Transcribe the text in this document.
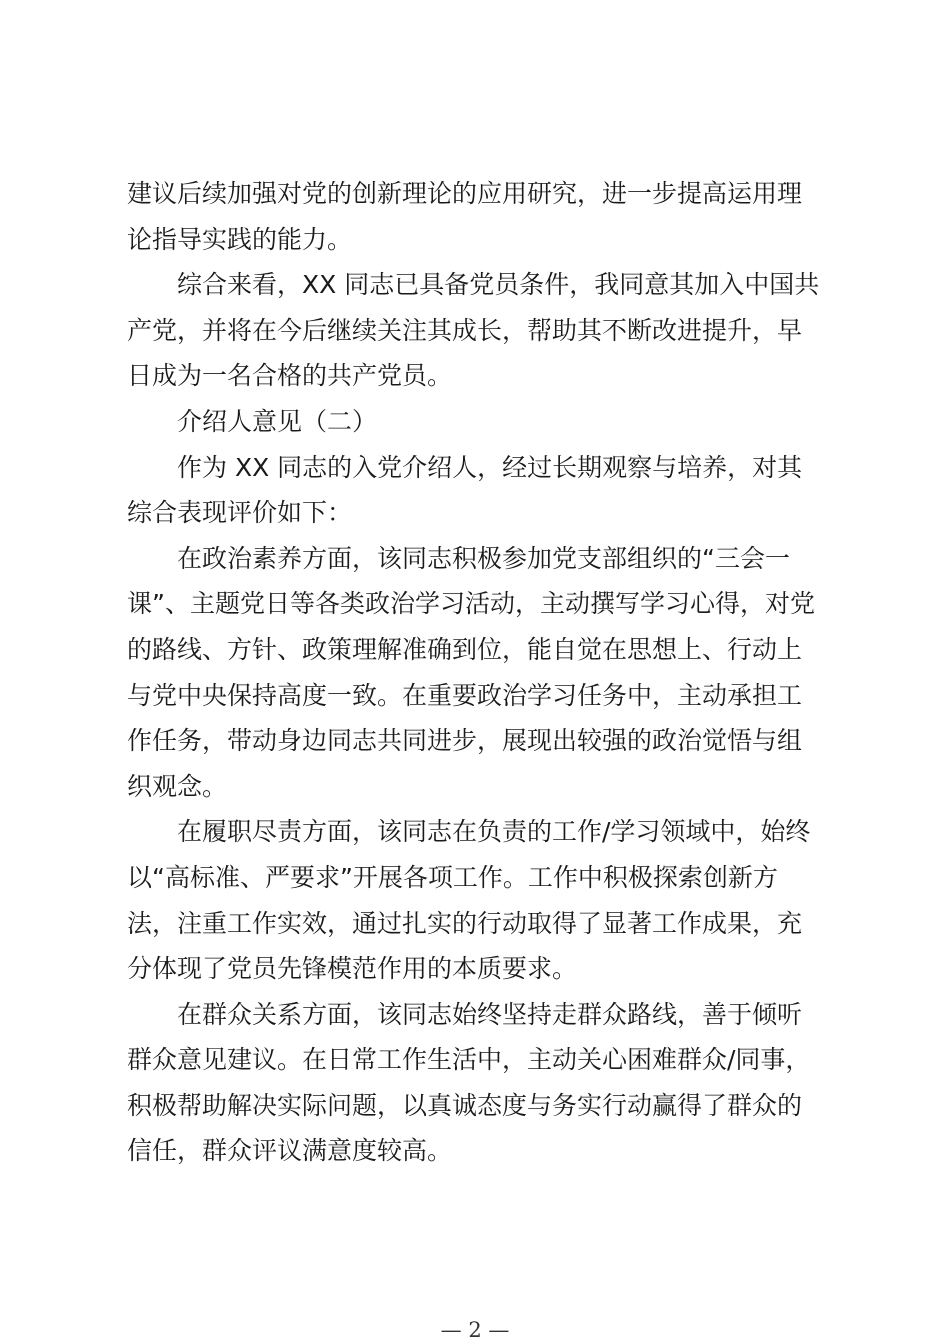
建议后续加强对党的创新理论的应用研究，进一步提高运用理
论指导实践的能力。
综合来看，XX 同志已具备党员条件，我同意其加入中国共
产党，并将在今后继续关注其成长，帮助其不断改进提升，早
日成为一名合格的共产党员。
介绍人意见（二）
作为 XX 同志的入党介绍人，经过长期观察与培养，对其
综合表现评价如下：
在政治素养方面，该同志积极参加党支部组织的“三会一
课”、主题党日等各类政治学习活动，主动撰写学习心得，对党
的路线、方针、政策理解准确到位，能自觉在思想上、行动上
与党中央保持高度一致。在重要政治学习任务中，主动承担工
作任务，带动身边同志共同进步，展现出较强的政治觉悟与组
织观念。
在履职尽责方面，该同志在负责的工作/学习领域中，始终
以“高标准、严要求”开展各项工作。工作中积极探索创新方
法，注重工作实效，通过扎实的行动取得了显著工作成果，充
分体现了党员先锋模范作用的本质要求。
在群众关系方面，该同志始终坚持走群众路线，善于倾听
群众意见建议。在日常工作生活中，主动关心困难群众/同事，
积极帮助解决实际问题，以真诚态度与务实行动赢得了群众的
信任，群众评议满意度较高。
— 2 —
